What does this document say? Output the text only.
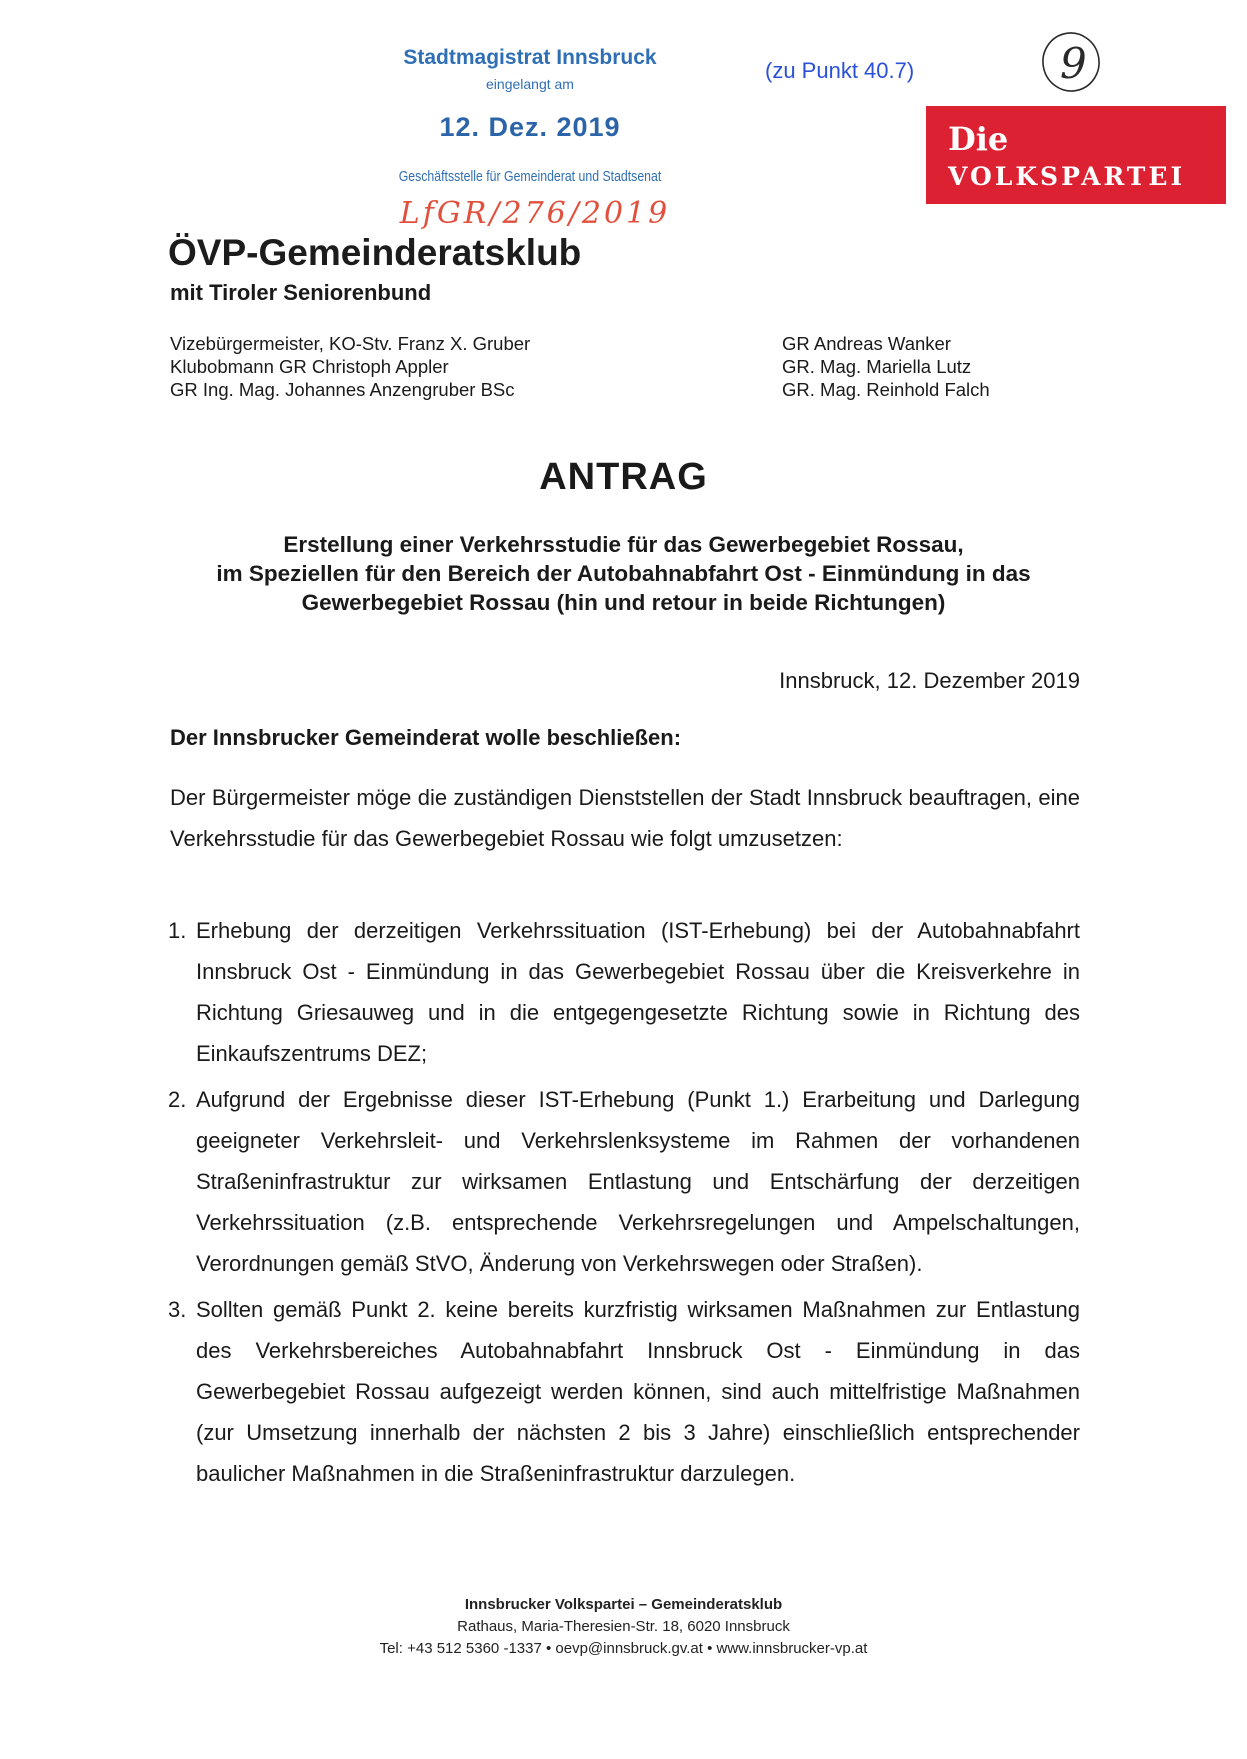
Stadtmagistrat Innsbruck
eingelangt am
12. Dez. 2019
Geschäftsstelle für Gemeinderat und Stadtsenat
LfGR/276/2019
(zu Punkt 40.7)	9
Die
VOLKSPARTEI
ÖVP-Gemeinderatsklub
mit Tiroler Seniorenbund
Vizebürgermeister, KO-Stv. Franz X. Gruber
Klubobmann GR Christoph Appler
GR Ing. Mag. Johannes Anzengruber BSc
GR Andreas Wanker
GR. Mag. Mariella Lutz
GR. Mag. Reinhold Falch
ANTRAG
Erstellung einer Verkehrsstudie für das Gewerbegebiet Rossau,
im Speziellen für den Bereich der Autobahnabfahrt Ost - Einmündung in das
Gewerbegebiet Rossau (hin und retour in beide Richtungen)
Innsbruck, 12. Dezember 2019
Der Innsbrucker Gemeinderat wolle beschließen:

Der Bürgermeister möge die zuständigen Dienststellen der Stadt Innsbruck beauftragen, eine Verkehrsstudie für das Gewerbegebiet Rossau wie folgt umzusetzen:

1. Erhebung der derzeitigen Verkehrssituation (IST-Erhebung) bei der Autobahnabfahrt Innsbruck Ost - Einmündung in das Gewerbegebiet Rossau über die Kreisverkehre in Richtung Griesauweg und in die entgegengesetzte Richtung sowie in Richtung des Einkaufszentrums DEZ;
2. Aufgrund der Ergebnisse dieser IST-Erhebung (Punkt 1.) Erarbeitung und Darlegung geeigneter Verkehrsleit- und Verkehrslenksysteme im Rahmen der vorhandenen Straßeninfrastruktur zur wirksamen Entlastung und Entschärfung der derzeitigen Verkehrssituation (z.B. entsprechende Verkehrsregelungen und Ampelschaltungen, Verordnungen gemäß StVO, Änderung von Verkehrswegen oder Straßen).
3. Sollten gemäß Punkt 2. keine bereits kurzfristig wirksamen Maßnahmen zur Entlastung des Verkehrsbereiches Autobahnabfahrt Innsbruck Ost - Einmündung in das Gewerbegebiet Rossau aufgezeigt werden können, sind auch mittelfristige Maßnahmen (zur Umsetzung innerhalb der nächsten 2 bis 3 Jahre) einschließlich entsprechender baulicher Maßnahmen in die Straßeninfrastruktur darzulegen.
Innsbrucker Volkspartei – Gemeinderatsklub
Rathaus, Maria-Theresien-Str. 18, 6020 Innsbruck
Tel: +43 512 5360 -1337 • oevp@innsbruck.gv.at • www.innsbrucker-vp.at
